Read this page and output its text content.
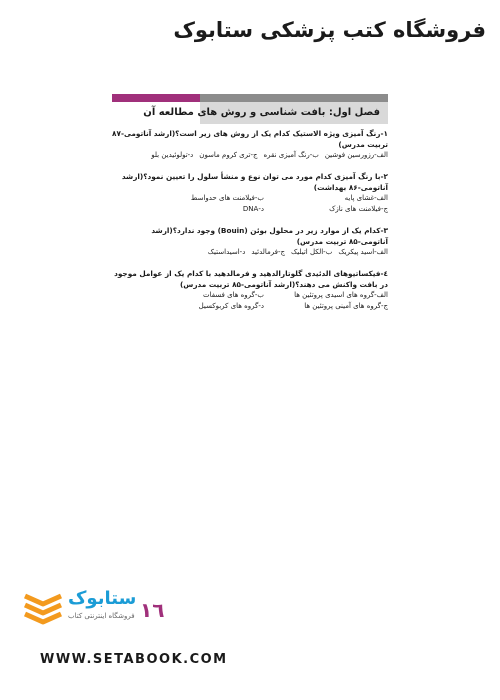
فروشگاه کتب پزشکی ستابوک
فصل اول: بافت شناسی و روش های مطالعه آن
۱-رنگ آمیزی ویژه الاستیک کدام یک از روش های زیر است؟(ارشد آناتومی-۸۷ تربیت مدرس)
الف-رزورسین فوشین
ب-رنگ آمیزی نقره
ج-تری کروم ماسون
د-تولوئیدین بلو
۲-با رنگ آمیزی کدام مورد می توان نوع و منشأ سلول را تعیین نمود؟(ارشد آناتومی-۸۶ بهداشت)
الف-غشای پایه
ب-فیلامنت های حدواسط
ج-فیلامنت های نازک
د-DNA
۳-کدام یک از موارد زیر در محلول بوئن (Bouin) وجود ندارد؟(ارشد آناتومی-۸۵ تربیت مدرس)
الف-اسید پیکریک
ب-الکل اتیلیک
ج-فرمالدئید
د-اسیداستیک
٤-فیکساتیوهای الدئیدی گلوتارالدهید و فرمالدهید با کدام یک از عوامل موجود در بافت واکنش می دهند؟(ارشد آناتومی-۸۵ تربیت مدرس)
الف-گروه های اسیدی پروتئین ها
ب-گروه های فسفات
ج-گروه های آمینی پروتئین ها
د-گروه های کربوکسیل
ستابوک
فروشگاه اینترنتی کتاب ۱٦
WWW.SETABOOK.COM
